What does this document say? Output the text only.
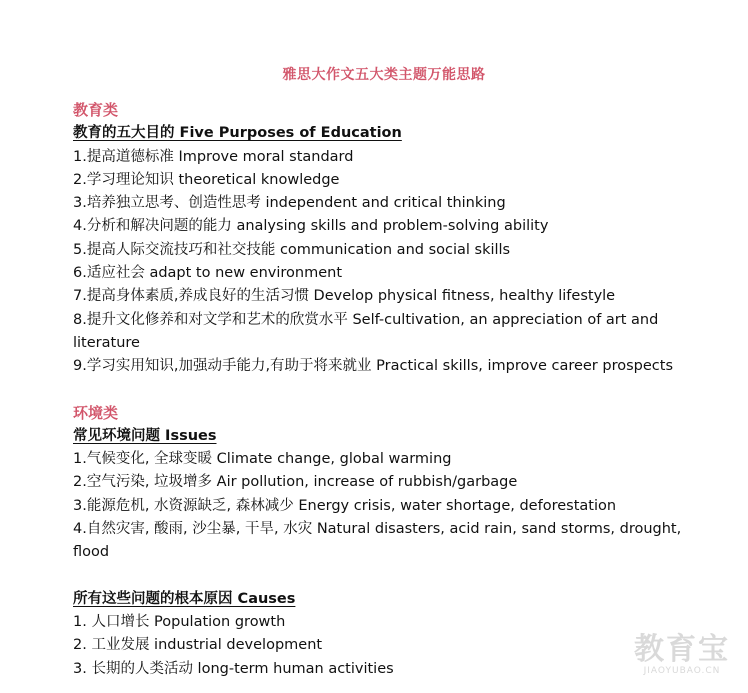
雅思大作文五大类主题万能思路
教育类
教育的五大目的 Five Purposes of Education
1.提高道德标准 Improve moral standard
2.学习理论知识 theoretical knowledge
3.培养独立思考、创造性思考 independent and critical thinking
4.分析和解决问题的能力 analysing skills and problem-solving ability
5.提高人际交流技巧和社交技能 communication and social skills
6.适应社会 adapt to new environment
7.提高身体素质,养成良好的生活习惯 Develop physical fitness, healthy lifestyle
8.提升文化修养和对文学和艺术的欣赏水平 Self-cultivation, an appreciation of art and literature
9.学习实用知识,加强动手能力,有助于将来就业 Practical skills, improve career prospects
环境类
常见环境问题 Issues
1.气候变化, 全球变暖 Climate change, global warming
2.空气污染, 垃圾增多 Air pollution, increase of rubbish/garbage
3.能源危机, 水资源缺乏, 森林减少 Energy crisis, water shortage, deforestation
4.自然灾害, 酸雨, 沙尘暴, 干旱, 水灾 Natural disasters, acid rain, sand storms, drought, flood
所有这些问题的根本原因 Causes
1. 人口增长 Population growth
2. 工业发展 industrial development
3. 长期的人类活动 long-term human activities
教育宝
JIAOYUBAO.CN
